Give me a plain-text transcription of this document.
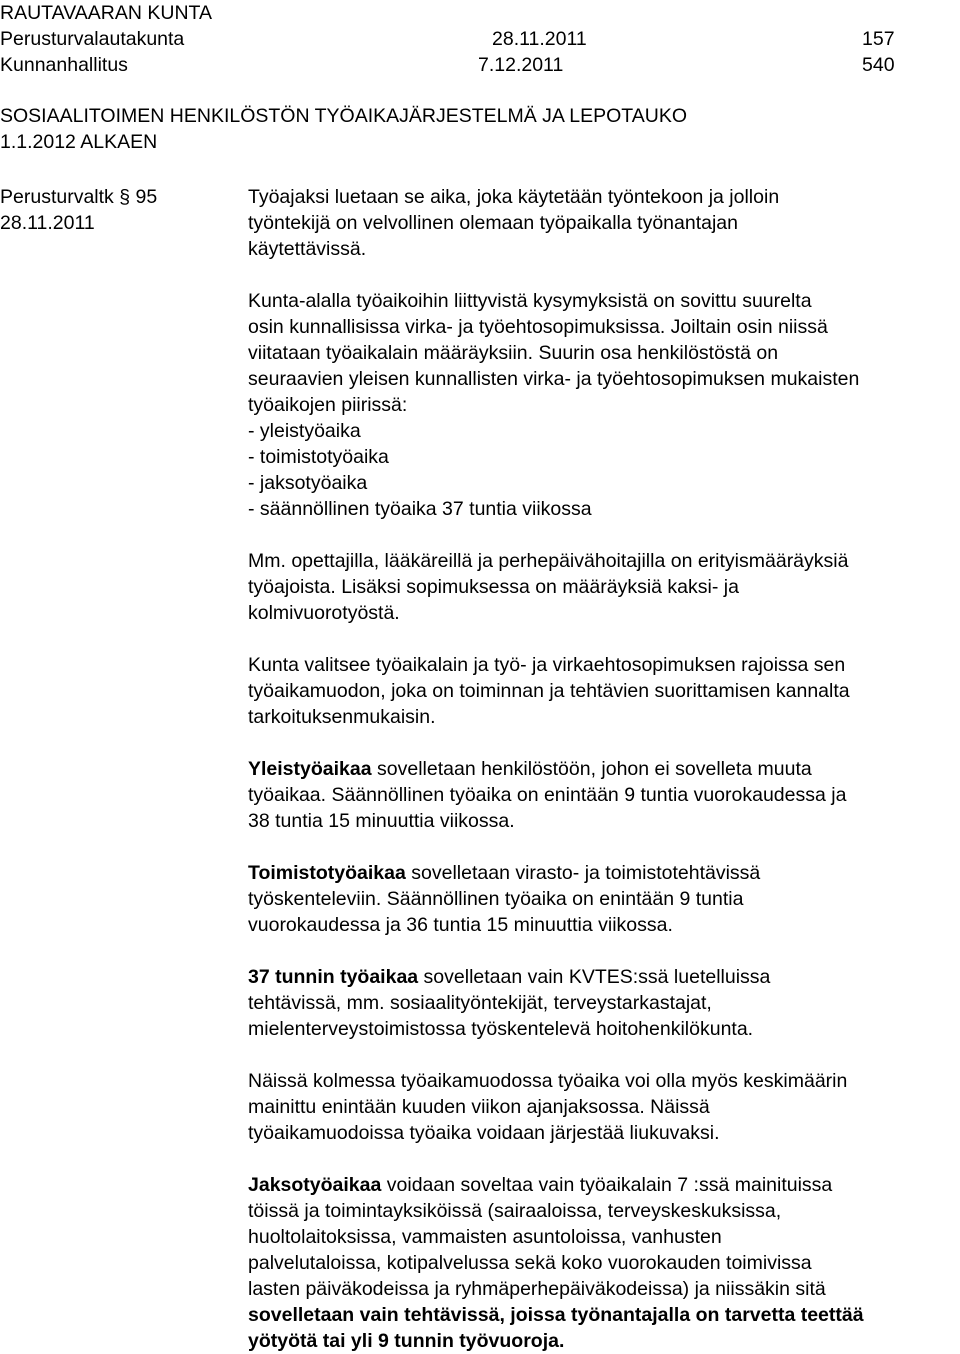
RAUTAVAARAN KUNTA
Perusturvalautakunta	28.11.2011	157
Kunnanhallitus	7.12.2011	540
SOSIAALITOIMEN HENKILÖSTÖN TYÖAIKAJÄRJESTELMÄ JA LEPOTAUKO
1.1.2012 ALKAEN
Perusturvaltk § 95
28.11.2011

Työajaksi luetaan se aika, joka käytetään työntekoon ja jolloin
työntekijä on velvollinen olemaan työpaikalla työnantajan
käytettävissä.

Kunta-alalla työaikoihin liittyvistä kysymyksistä on sovittu suurelta
osin kunnallisissa virka- ja työehtosopimuksissa. Joiltain osin niissä
viitataan työaikalain määräyksiin. Suurin osa henkilöstöstä on
seuraavien yleisen kunnallisten virka- ja työehtosopimuksen mukaisten
työaikojen piirissä:
- yleistyöaika
- toimistotyöaika
- jaksotyöaika
- säännöllinen työaika 37 tuntia viikossa

Mm. opettajilla, lääkäreillä ja perhepäivähoitajilla on erityismääräyksiä
työajoista. Lisäksi sopimuksessa on määräyksiä kaksi- ja
kolmivuorotyöstä.

Kunta valitsee työaikalain ja työ- ja virkaehtosopimuksen rajoissa sen
työaikamuodon, joka on toiminnan ja tehtävien suorittamisen kannalta
tarkoituksenmukaisin.

Yleistyöaikaa sovelletaan henkilöstöön, johon ei sovelleta muuta
työaikaa. Säännöllinen työaika on enintään 9 tuntia vuorokaudessa ja
38 tuntia 15 minuuttia viikossa.

Toimistotyöaikaa sovelletaan virasto- ja toimistotehtävissä
työskenteleviin. Säännöllinen työaika on enintään 9 tuntia
vuorokaudessa ja 36 tuntia 15 minuuttia viikossa.

37 tunnin työaikaa sovelletaan vain KVTES:ssä luetelluissa
tehtävissä, mm. sosiaalityöntekijät, terveystarkastajat,
mielenterveystoimistossa työskentelevä hoitohenkilökunta.

Näissä kolmessa työaikamuodossa työaika voi olla myös keskimäärin
mainittu enintään kuuden viikon ajanjaksossa. Näissä
työaikamuodoissa työaika voidaan järjestää liukuvaksi.

Jaksotyöaikaa voidaan soveltaa vain työaikalain 7 :ssä mainituissa
töissä ja toimintayksiköissä (sairaaloissa, terveyskeskuksissa,
huoltolaitoksissa, vammaisten asuntoloissa, vanhusten
palvelutaloissa, kotipalvelussa sekä koko vuorokauden toimivissa
lasten päiväkodeissa ja ryhmäperhepäiväkodeissa) ja niissäkin sitä
sovelletaan vain tehtävissä, joissa työnantajalla on tarvetta teettää
yötyötä tai yli 9 tunnin työvuoroja.
